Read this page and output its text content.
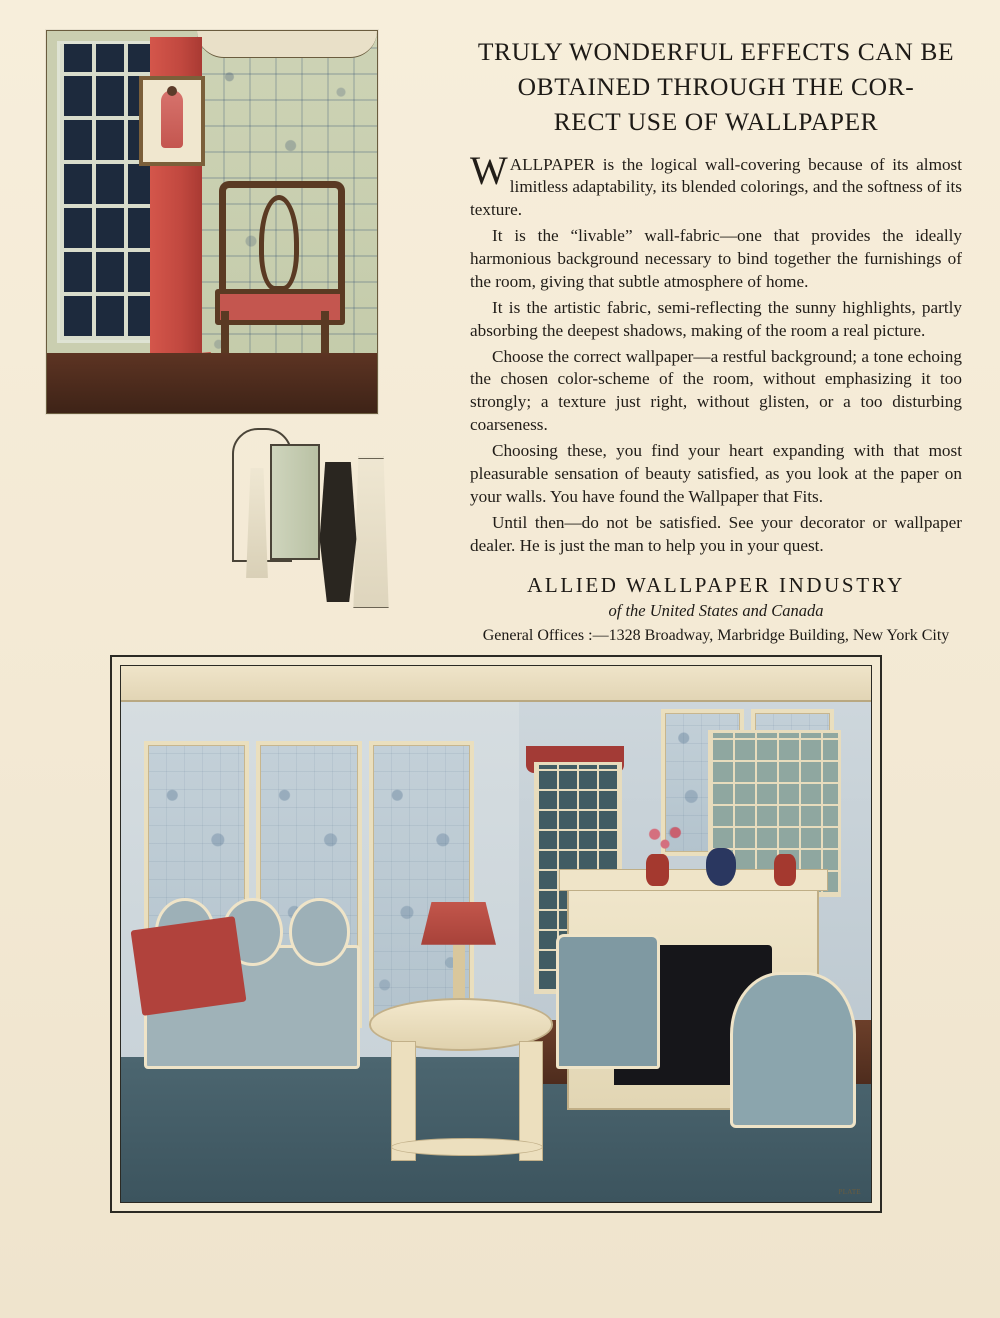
TRULY WONDERFUL EFFECTS CAN BE
OBTAINED THROUGH THE COR-
RECT USE OF WALLPAPER

WALLPAPER is the logical wall-covering because of its almost limitless adaptability, its blended colorings, and the softness of its texture.

It is the “livable” wall-fabric—one that provides the ideally harmonious background necessary to bind together the furnishings of the room, giving that subtle atmosphere of home.

It is the artistic fabric, semi-reflecting the sunny highlights, partly absorbing the deepest shadows, making of the room a real picture.

Choose the correct wallpaper—a restful background; a tone echoing the chosen color-scheme of the room, without emphasizing it too strongly; a texture just right, without glisten, or a too disturbing coarseness.

Choosing these, you find your heart expanding with that most pleasurable sensation of beauty satisfied, as you look at the paper on your walls. You have found the Wallpaper that Fits.

Until then—do not be satisfied. See your decorator or wallpaper dealer. He is just the man to help you in your quest.

ALLIED WALLPAPER INDUSTRY
of the United States and Canada
General Offices :—1328 Broadway, Marbridge Building, New York City
PLATE
